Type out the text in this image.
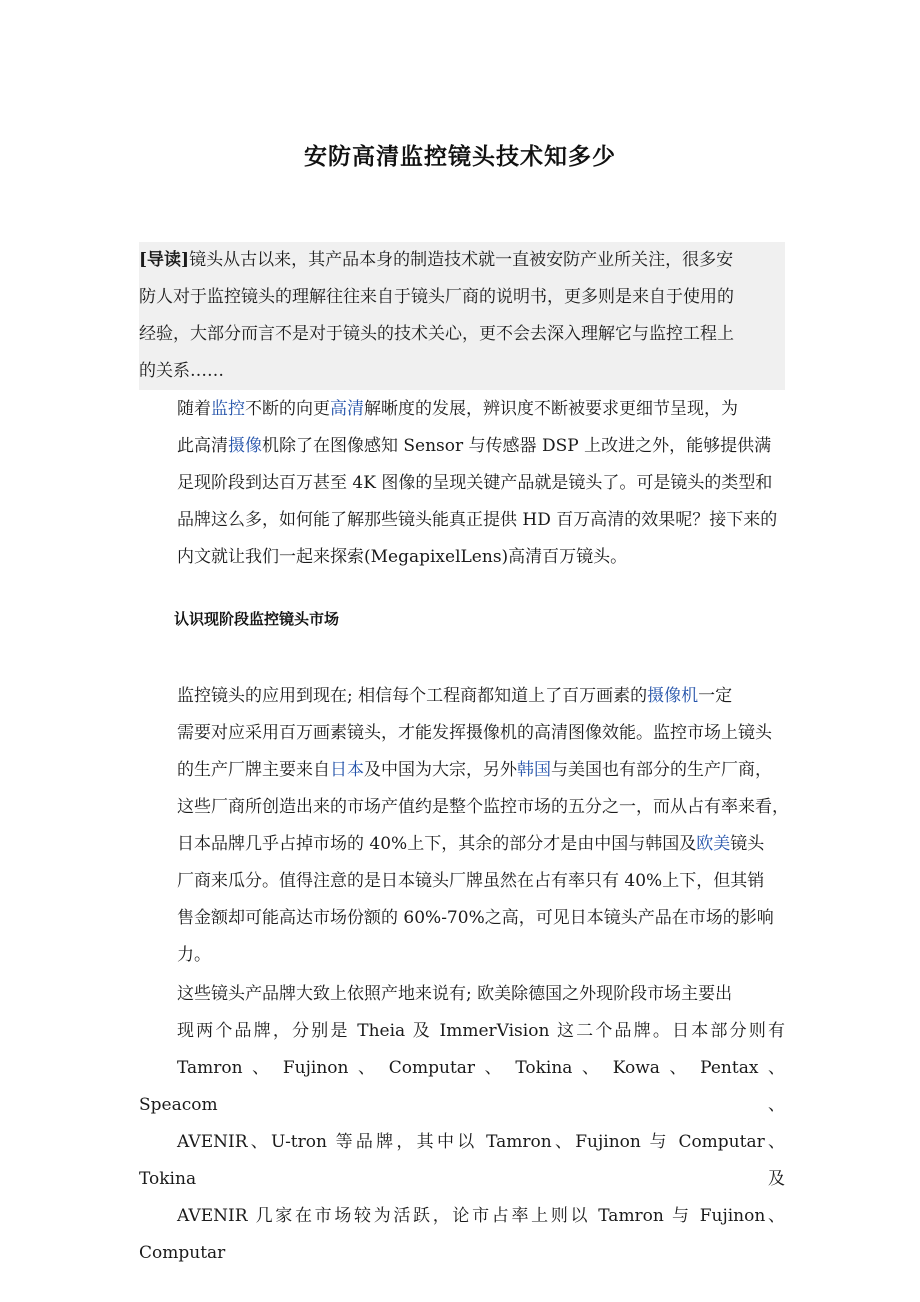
安防高清监控镜头技术知多少
[导读]镜头从古以来，其产品本身的制造技术就一直被安防产业所关注，很多安
防人对于监控镜头的理解往往来自于镜头厂商的说明书，更多则是来自于使用的
经验，大部分而言不是对于镜头的技术关心，更不会去深入理解它与监控工程上
的关系……
随着监控不断的向更高清解晰度的发展，辨识度不断被要求更细节呈现，为
此高清摄像机除了在图像感知 Sensor 与传感器 DSP 上改进之外，能够提供满
足现阶段到达百万甚至 4K 图像的呈现关键产品就是镜头了。可是镜头的类型和
品牌这么多，如何能了解那些镜头能真正提供 HD 百万高清的效果呢？接下来的
内文就让我们一起来探索(MegapixelLens)高清百万镜头。
认识现阶段监控镜头市场
监控镜头的应用到现在; 相信每个工程商都知道上了百万画素的摄像机一定
需要对应采用百万画素镜头，才能发挥摄像机的高清图像效能。监控市场上镜头
的生产厂牌主要来自日本及中国为大宗，另外韩国与美国也有部分的生产厂商，
这些厂商所创造出来的市场产值约是整个监控市场的五分之一，而从占有率来看，
日本品牌几乎占掉市场的 40%上下，其余的部分才是由中国与韩国及欧美镜头
厂商来瓜分。值得注意的是日本镜头厂牌虽然在占有率只有 40%上下，但其销
售金额却可能高达市场份额的 60%-70%之高，可见日本镜头产品在市场的影响
力。
这些镜头产品牌大致上依照产地来说有; 欧美除德国之外现阶段市场主要出
现两个品牌，分别是 Theia 及 ImmerVision 这二个品牌。日本部分则有
Tamron 、 Fujinon 、 Computar 、 Tokina 、 Kowa 、 Pentax 、 Speacom 、
AVENIR、U-tron 等品牌，其中以 Tamron、Fujinon 与 Computar、Tokina 及
AVENIR 几家在市场较为活跃，论市占率上则以 Tamron 与 Fujinon、Computar
